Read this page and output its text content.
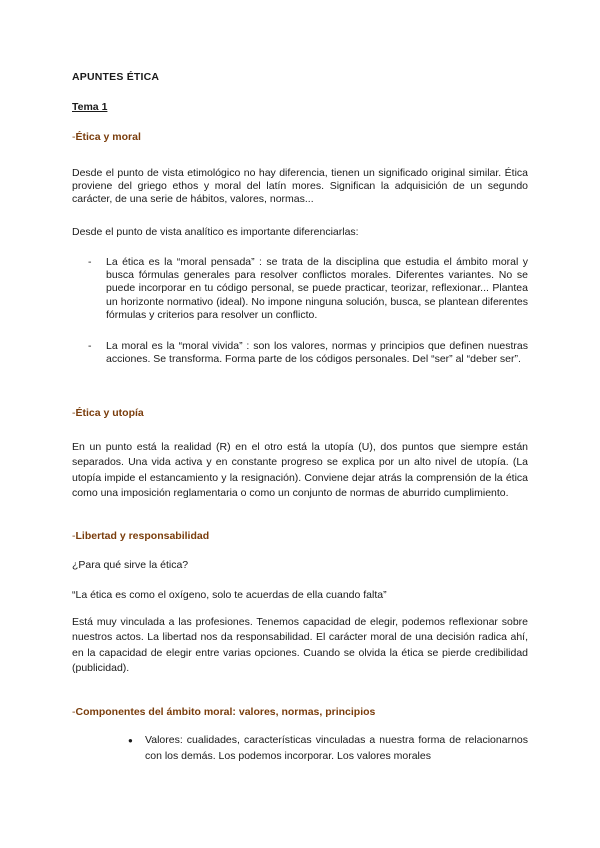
APUNTES ÉTICA
Tema 1
-Ética y moral
Desde el punto de vista etimológico no hay diferencia, tienen un significado original similar. Ética proviene del griego ethos y moral del latín mores. Significan la adquisición de un segundo carácter, de una serie de hábitos, valores, normas...
Desde el punto de vista analítico es importante diferenciarlas:
- La ética es la “moral pensada” : se trata de la disciplina que estudia el ámbito moral y busca fórmulas generales para resolver conflictos morales. Diferentes variantes. No se puede incorporar en tu código personal, se puede practicar, teorizar, reflexionar... Plantea un horizonte normativo (ideal). No impone ninguna solución, busca, se plantean diferentes fórmulas y criterios para resolver un conflicto.
- La moral es la “moral vivida” : son los valores, normas y principios que definen nuestras acciones. Se transforma. Forma parte de los códigos personales. Del “ser” al “deber ser”.
-Ética y utopía
En un punto está la realidad (R) en el otro está la utopía (U), dos puntos que siempre están separados. Una vida activa y en constante progreso se explica por un alto nivel de utopía. (La utopía impide el estancamiento y la resignación). Conviene dejar atrás la comprensión de la ética como una imposición reglamentaria o como un conjunto de normas de aburrido cumplimiento.
-Libertad y responsabilidad
¿Para qué sirve la ética?
“La ética es como el oxígeno, solo te acuerdas de ella cuando falta”
Está muy vinculada a las profesiones. Tenemos capacidad de elegir, podemos reflexionar sobre nuestros actos. La libertad nos da responsabilidad. El carácter moral de una decisión radica ahí, en la capacidad de elegir entre varias opciones. Cuando se olvida la ética se pierde credibilidad (publicidad).
-Componentes del ámbito moral: valores, normas, principios
● Valores: cualidades, características vinculadas a nuestra forma de relacionarnos con los demás. Los podemos incorporar. Los valores morales
